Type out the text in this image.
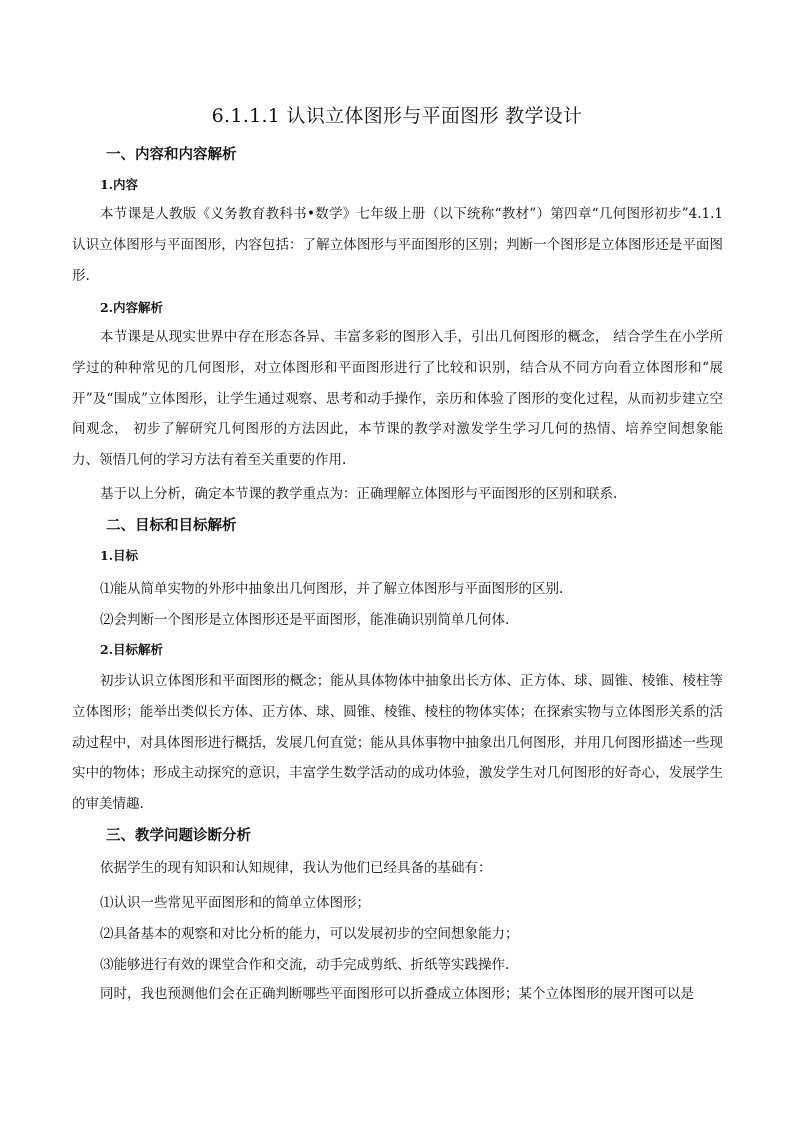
6.1.1.1 认识立体图形与平面图形 教学设计
一、内容和内容解析
1.内容

本节课是人教版《义务教育教科书•数学》七年级上册（以下统称“教材”）第四章“几何图形初步”4.1.1 认识立体图形与平面图形，内容包括：了解立体图形与平面图形的区别；判断一个图形是立体图形还是平面图形.

2.内容解析

本节课是从现实世界中存在形态各异、丰富多彩的图形入手，引出几何图形的概念， 结合学生在小学所学过的种种常见的几何图形，对立体图形和平面图形进行了比较和识别，结合从不同方向看立体图形和“展开”及“围成”立体图形，让学生通过观察、思考和动手操作，亲历和体验了图形的变化过程，从而初步建立空间观念， 初步了解研究几何图形的方法因此，本节课的教学对激发学生学习几何的热情、培养空间想象能力、领悟几何的学习方法有着至关重要的作用.

基于以上分析，确定本节课的教学重点为：正确理解立体图形与平面图形的区别和联系.

二、目标和目标解析
1.目标
⑴能从简单实物的外形中抽象出几何图形，并了解立体图形与平面图形的区别.
⑵会判断一个图形是立体图形还是平面图形，能准确识别简单几何体.
2.目标解析

初步认识立体图形和平面图形的概念；能从具体物体中抽象出长方体、正方体、球、圆锥、棱锥、棱柱等立体图形；能举出类似长方体、正方体、球、圆锥、棱锥、棱柱的物体实体；在探索实物与立体图形关系的活动过程中，对具体图形进行概括，发展几何直觉；能从具体事物中抽象出几何图形，并用几何图形描述一些现实中的物体；形成主动探究的意识，丰富学生数学活动的成功体验，激发学生对几何图形的好奇心，发展学生的审美情趣.

三、教学问题诊断分析

依据学生的现有知识和认知规律，我认为他们已经具备的基础有：

⑴认识一些常见平面图形和的简单立体图形；
⑵具备基本的观察和对比分析的能力，可以发展初步的空间想象能力；
⑶能够进行有效的课堂合作和交流，动手完成剪纸、折纸等实践操作.

同时，我也预测他们会在正确判断哪些平面图形可以折叠成立体图形；某个立体图形的展开图可以是
